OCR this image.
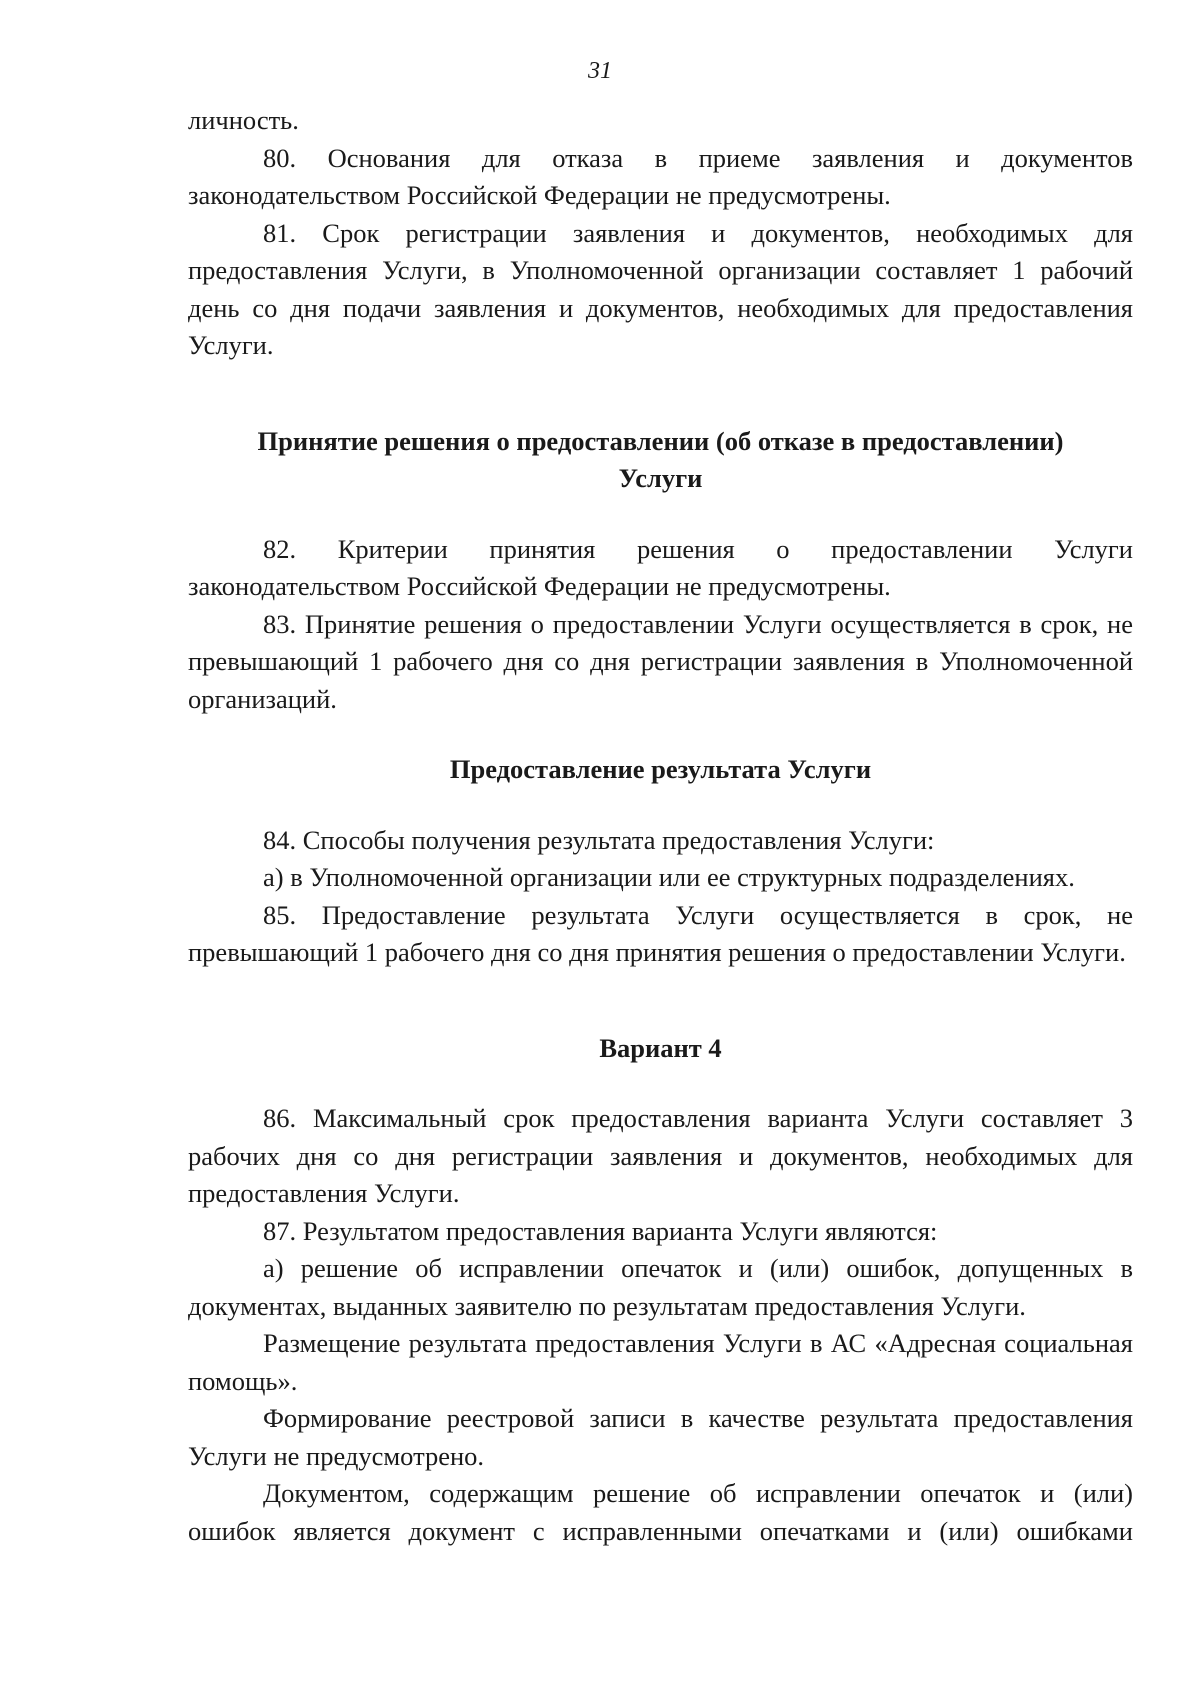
31

личность.

80. Основания для отказа в приеме заявления и документов законодательством Российской Федерации не предусмотрены.

81. Срок регистрации заявления и документов, необходимых для предоставления Услуги, в Уполномоченной организации составляет 1 рабочий день со дня подачи заявления и документов, необходимых для предоставления Услуги.

Принятие решения о предоставлении (об отказе в предоставлении)

Услуги

82. Критерии принятия решения о предоставлении Услуги законодательством Российской Федерации не предусмотрены.

83. Принятие решения о предоставлении Услуги осуществляется в срок, не превышающий 1 рабочего дня со дня регистрации заявления в Уполномоченной организаций.

Предоставление результата Услуги

84. Способы получения результата предоставления Услуги:

а) в Уполномоченной организации или ее структурных подразделениях.

85. Предоставление результата Услуги осуществляется в срок, не превышающий 1 рабочего дня со дня принятия решения о предоставлении Услуги.

Вариант 4

86. Максимальный срок предоставления варианта Услуги составляет 3 рабочих дня со дня регистрации заявления и документов, необходимых для предоставления Услуги.

87. Результатом предоставления варианта Услуги являются:

а) решение об исправлении опечаток и (или) ошибок, допущенных в документах, выданных заявителю по результатам предоставления Услуги.

Размещение результата предоставления Услуги в АС «Адресная социальная помощь».

Формирование реестровой записи в качестве результата предоставления Услуги не предусмотрено.

Документом, содержащим решение об исправлении опечаток и (или) ошибок является документ с исправленными опечатками и (или) ошибками
